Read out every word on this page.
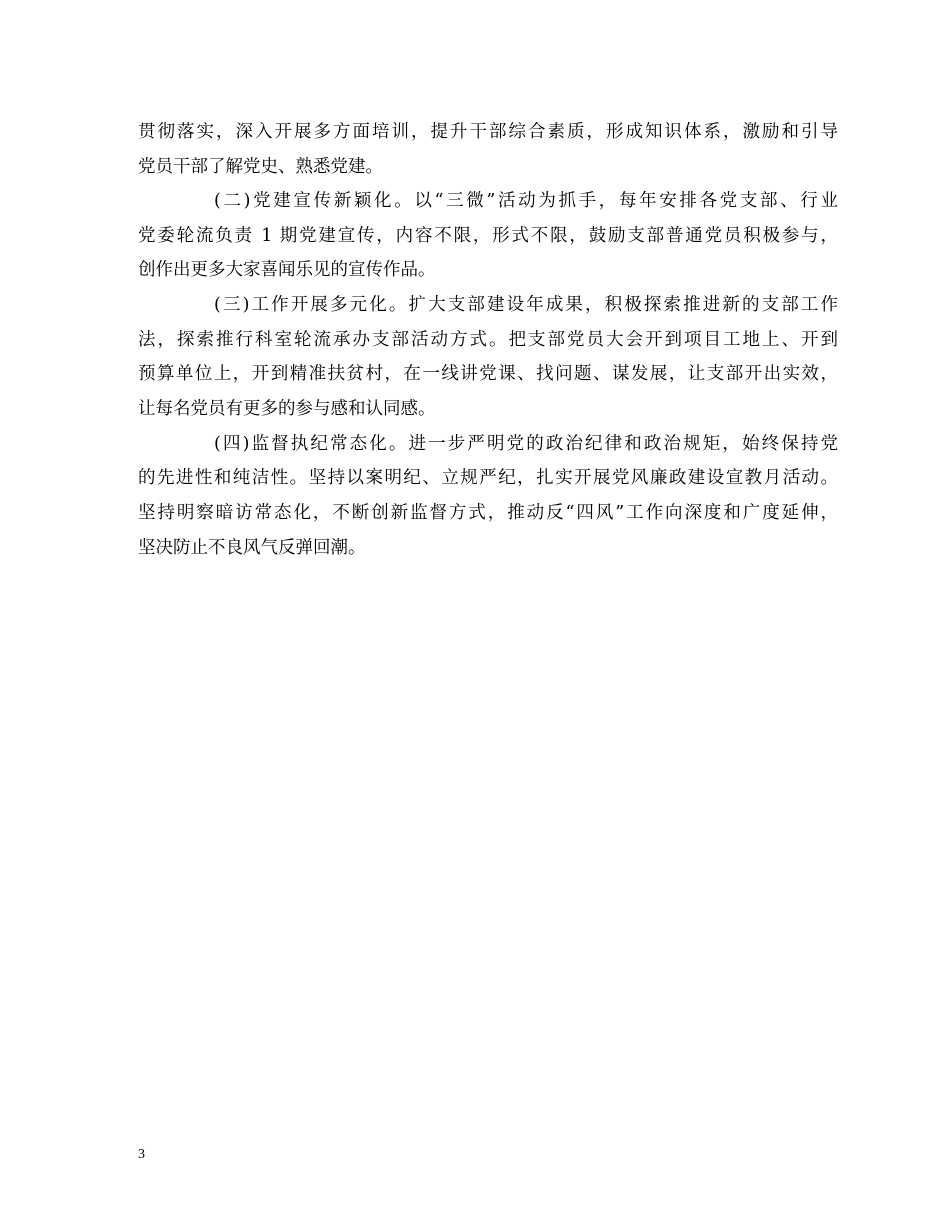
贯彻落实，深入开展多方面培训，提升干部综合素质，形成知识体系，激励和引导
党员干部了解党史、熟悉党建。
(二)党建宣传新颖化。以“三微”活动为抓手，每年安排各党支部、行业
党委轮流负责 1 期党建宣传，内容不限，形式不限，鼓励支部普通党员积极参与，
创作出更多大家喜闻乐见的宣传作品。
(三)工作开展多元化。扩大支部建设年成果，积极探索推进新的支部工作
法，探索推行科室轮流承办支部活动方式。把支部党员大会开到项目工地上、开到
预算单位上，开到精准扶贫村，在一线讲党课、找问题、谋发展，让支部开出实效，
让每名党员有更多的参与感和认同感。
(四)监督执纪常态化。进一步严明党的政治纪律和政治规矩，始终保持党
的先进性和纯洁性。坚持以案明纪、立规严纪，扎实开展党风廉政建设宣教月活动。
坚持明察暗访常态化，不断创新监督方式，推动反“四风”工作向深度和广度延伸，
坚决防止不良风气反弹回潮。
3
